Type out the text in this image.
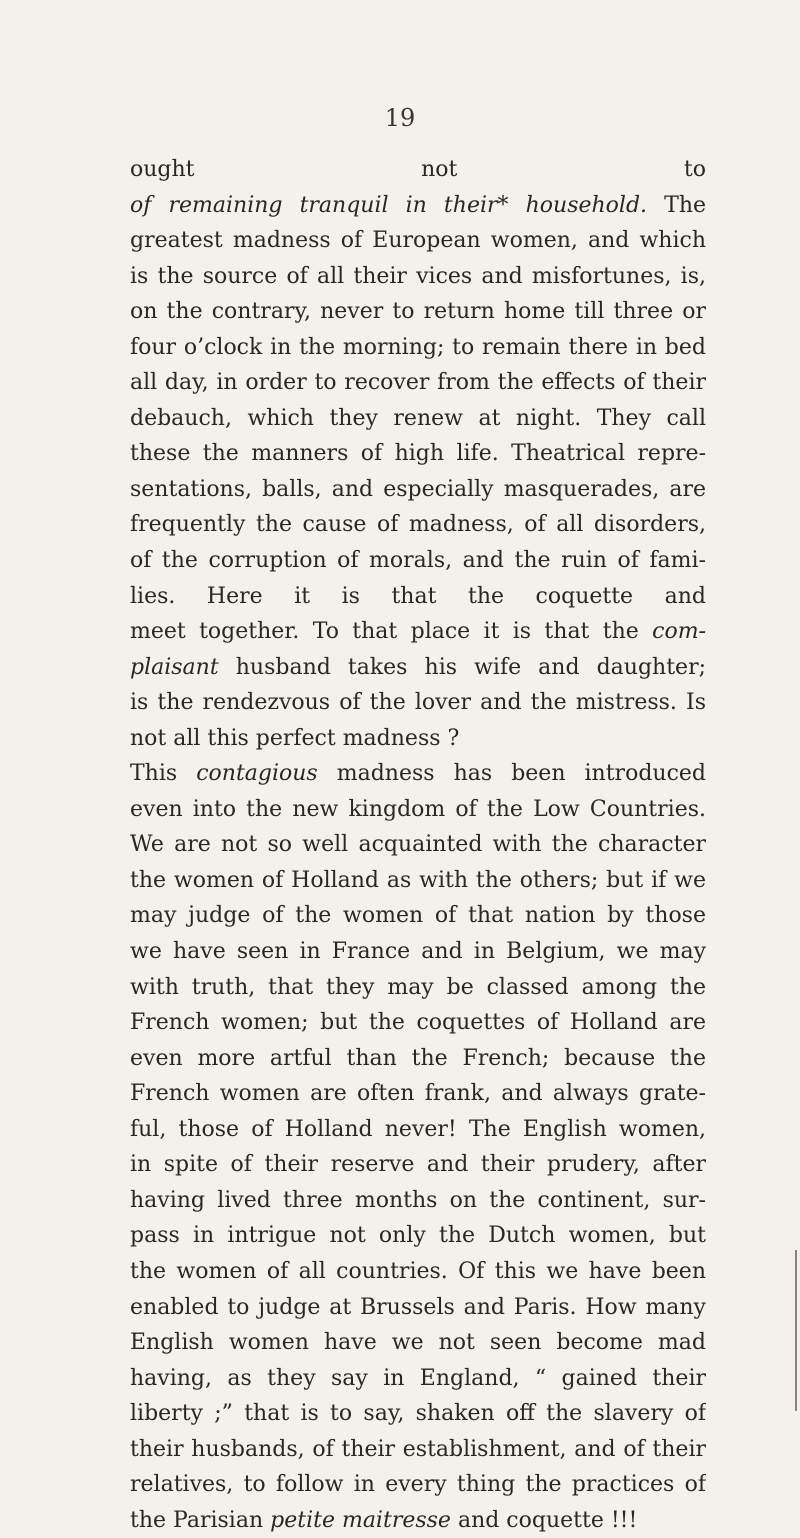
19
ought not to
of remaining tranquil in their* household. The
greatest madness of European women, and which
is the source of all their vices and misfortunes, is,
on the contrary, never to return home till three or
four o’clock in the morning; to remain there in bed
all day, in order to recover from the effects of their
debauch, which they renew at night. They call
these the manners of high life. Theatrical repre-
sentations, balls, and especially masquerades, are
frequently the cause of madness, of all disorders,
of the corruption of morals, and the ruin of fami-
lies. Here it is that the coquette and
meet together. To that place it is that the com-
plaisant husband takes his wife and daughter;
is the rendezvous of the lover and the mistress. Is
not all this perfect madness ?
This contagious madness has been introduced
even into the new kingdom of the Low Countries.
We are not so well acquainted with the character
the women of Holland as with the others; but if we
may judge of the women of that nation by those
we have seen in France and in Belgium, we may
with truth, that they may be classed among the
French women; but the coquettes of Holland are
even more artful than the French; because the
French women are often frank, and always grate-
ful, those of Holland never! The English women,
in spite of their reserve and their prudery, after
having lived three months on the continent, sur-
pass in intrigue not only the Dutch women, but
the women of all countries. Of this we have been
enabled to judge at Brussels and Paris. How many
English women have we not seen become mad
having, as they say in England, “ gained their
liberty ;” that is to say, shaken off the slavery of
their husbands, of their establishment, and of their
relatives, to follow in every thing the practices of
the Parisian petite maitresse and coquette !!!
